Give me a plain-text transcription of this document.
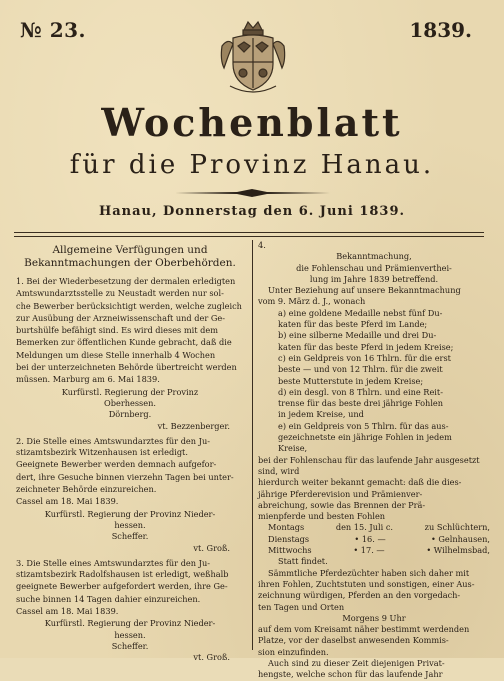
№ 23.	1839.
Wochenblatt
für die Provinz Hanau.
Hanau, Donnerstag den 6. Juni 1839.
Allgemeine Verfügungen und Bekanntmachungen der Oberbehörden.

1. Bei der Wiederbesetzung der dermalen erledigten

Amtswundarztsstelle zu Neustadt werden nur sol-

che Bewerber berücksichtigt werden, welche zugleich

zur Ausübung der Arzneiwissenschaft und der Ge-

burtshülfe befähigt sind. Es wird dieses mit dem

Bemerken zur öffentlichen Kunde gebracht, daß die

Meldungen um diese Stelle innerhalb 4 Wochen

bei der unterzeichneten Behörde übertreicht werden

müssen. Marburg am 6. Mai 1839.

Kurfürstl. Regierung der Provinz

Oberhessen.

Dörnberg.

vt. Bezzenberger.

2. Die Stelle eines Amtswundarztes für den Ju-

stizamtsbezirk Witzenhausen ist erledigt.

Geeignete Bewerber werden demnach aufgefor-

dert, ihre Gesuche binnen vierzehn Tagen bei unter-

zeichneter Behörde einzureichen.

Cassel am 18. Mai 1839.

Kurfürstl. Regierung der Provinz Nieder-

hessen.

Scheffer.

vt. Groß.

3. Die Stelle eines Amtswundarztes für den Ju-

stizamtsbezirk Radolfshausen ist erledigt, weßhalb

geeignete Bewerber aufgefordert werden, ihre Ge-

suche binnen 14 Tagen dahier einzureichen.

Cassel am 18. Mai 1839.

Kurfürstl. Regierung der Provinz Nieder-

hessen.

Scheffer.

vt. Groß.

4.

Bekanntmachung,

die Fohlenschau und Prämienverthei-

lung im Jahre 1839 betreffend.

Unter Beziehung auf unsere Bekanntmachung

vom 9. März d. J., wonach

a) eine goldene Medaille nebst fünf Du-

katen für das beste Pferd im Lande;

b) eine silberne Medaille und drei Du-

katen für das beste Pferd in jedem Kreise;

c) ein Geldpreis von 16 Thlrn. für die erst

beste — und von 12 Thlrn. für die zweit

beste Mutterstute in jedem Kreise;

d) ein desgl. von 8 Thlrn. und eine Reit-

trense für das beste drei jährige Fohlen

in jedem Kreise, und

e) ein Geldpreis von 5 Thlrn. für das aus-

gezeichnetste ein jährige Fohlen in jedem

Kreise,

bei der Fohlenschau für das laufende Jahr ausgesetzt sind, wird

hierdurch weiter bekannt gemacht: daß die dies-

jährige Pferderevision und Prämienver-

abreichung, sowie das Brennen der Prä-

mienpferde und besten Fohlen

Montags	den 15. Juli c.	zu Schlüchtern,
Dienstags	• 16. —	• Gelnhausen,
Mittwochs	• 17. —	• Wilhelmsbad,

Statt findet.

Sämmtliche Pferdezüchter haben sich daher mit

ihren Fohlen, Zuchtstuten und sonstigen, einer Aus-

zeichnung würdigen, Pferden an den vorgedach-

ten Tagen und Orten

Morgens 9 Uhr

auf dem vom Kreisamt näher bestimmt werdenden

Platze, vor der daselbst anwesenden Kommis-

sion einzufinden.

Auch sind zu dieser Zeit diejenigen Privat-

hengste, welche schon für das laufende Jahr
